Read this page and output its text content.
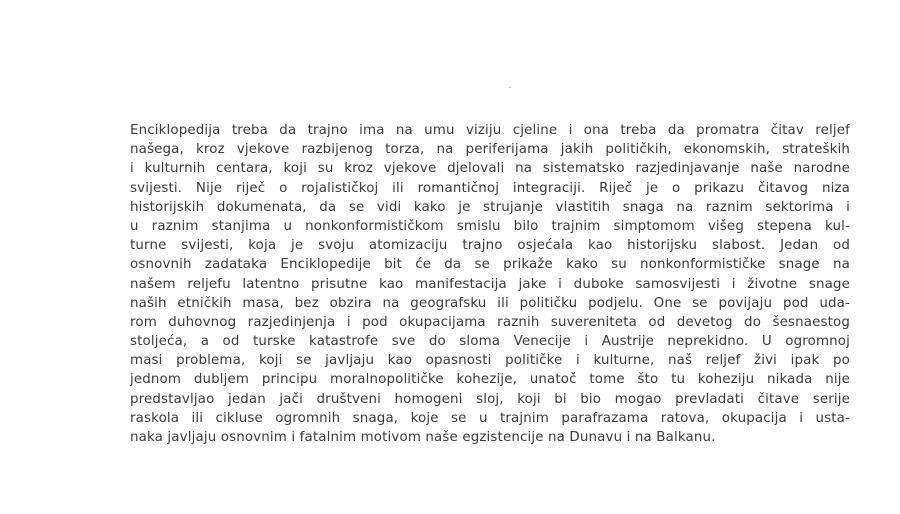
Enciklopedija treba da trajno ima na umu viziju cjeline i ona treba da promatra čitav reljef
našega, kroz vjekove razbijenog torza, na periferijama jakih političkih, ekonomskih, strateških
i kulturnih centara, koji su kroz vjekove djelovali na sistematsko razjedinjavanje naše narodne
svijesti. Nije riječ o rojalističkoj ili romantičnoj integraciji. Riječ je o prikazu čitavog niza
historijskih dokumenata, da se vidi kako je strujanje vlastitih snaga na raznim sektorima i
u raznim stanjima u nonkonformističkom smislu bilo trajnim simptomom višeg stepena kul-
turne svijesti, koja je svoju atomizaciju trajno osjećala kao historijsku slabost. Jedan od
osnovnih zadataka Enciklopedije bit će da se prikaže kako su nonkonformističke snage na
našem reljefu latentno prisutne kao manifestacija jake i duboke samosvijesti i životne snage
naših etničkih masa, bez obzira na geografsku ili političku podjelu. One se povijaju pod uda-
rom duhovnog razjedinjenja i pod okupacijama raznih suvereniteta od devetog do šesnaestog
stoljeća, a od turske katastrofe sve do sloma Venecije i Austrije neprekidno. U ogromnoj
masi problema, koji se javljaju kao opasnosti političke i kulturne, naš reljef živi ipak po
jednom dubljem principu moralnopolitičke kohezije, unatoč tome što tu koheziju nikada nije
predstavljao jedan jači društveni homogeni sloj, koji bi bio mogao prevladati čitave serije
raskola ili cikluse ogromnih snaga, koje se u trajnim parafrazama ratova, okupacija i usta-
naka javljaju osnovnim i fatalnim motivom naše egzistencije na Dunavu i na Balkanu.
